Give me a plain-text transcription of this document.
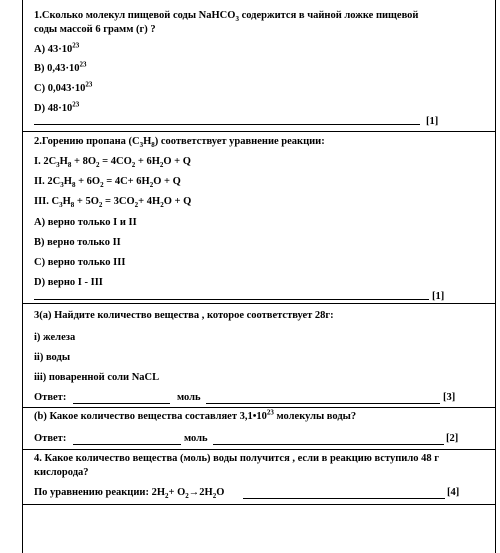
1.Сколько молекул пищевой соды NaHCO$_3$ содержится в чайной ложке пищевой
соды массой 6 грамм (г) ?
A) $43\cdot 10^{23}$
B) $0,43\cdot 10^{23}$
C) $0,043\cdot 10^{23}$
D) $48\cdot 10^{23}$
[1]
2.Горению пропана $(C_3H_8)$ соответствует уравнение реакции:
I. $2C_3H_8 + 8O_2 = 4CO_2 + 6H_2O + Q$
II. $2C_3H_8 + 6O_2 = 4C+ 6H_2O + Q$
III. $C_3H_8 + 5O_2 = 3CO_2+ 4H_2O + Q$
A) верно только I и II
B) верно только II
C) верно только III
D) верно I - III
[1]
3(a) Найдите количество вещества , которое соответствует 28г:
i) железа
ii) воды
iii) поваренной соли NaCL
Ответ:	моль	[3]
(b) Какое количество вещества составляет $3,1•10^{23}$ молекулы воды?
Ответ:	моль	[2]
4. Какое количество вещества (моль) воды получится , если в реакцию вступило 48 г
кислорода?
По уравнению реакции: $2H_2+ O_2\to 2H_2O$	[4]
